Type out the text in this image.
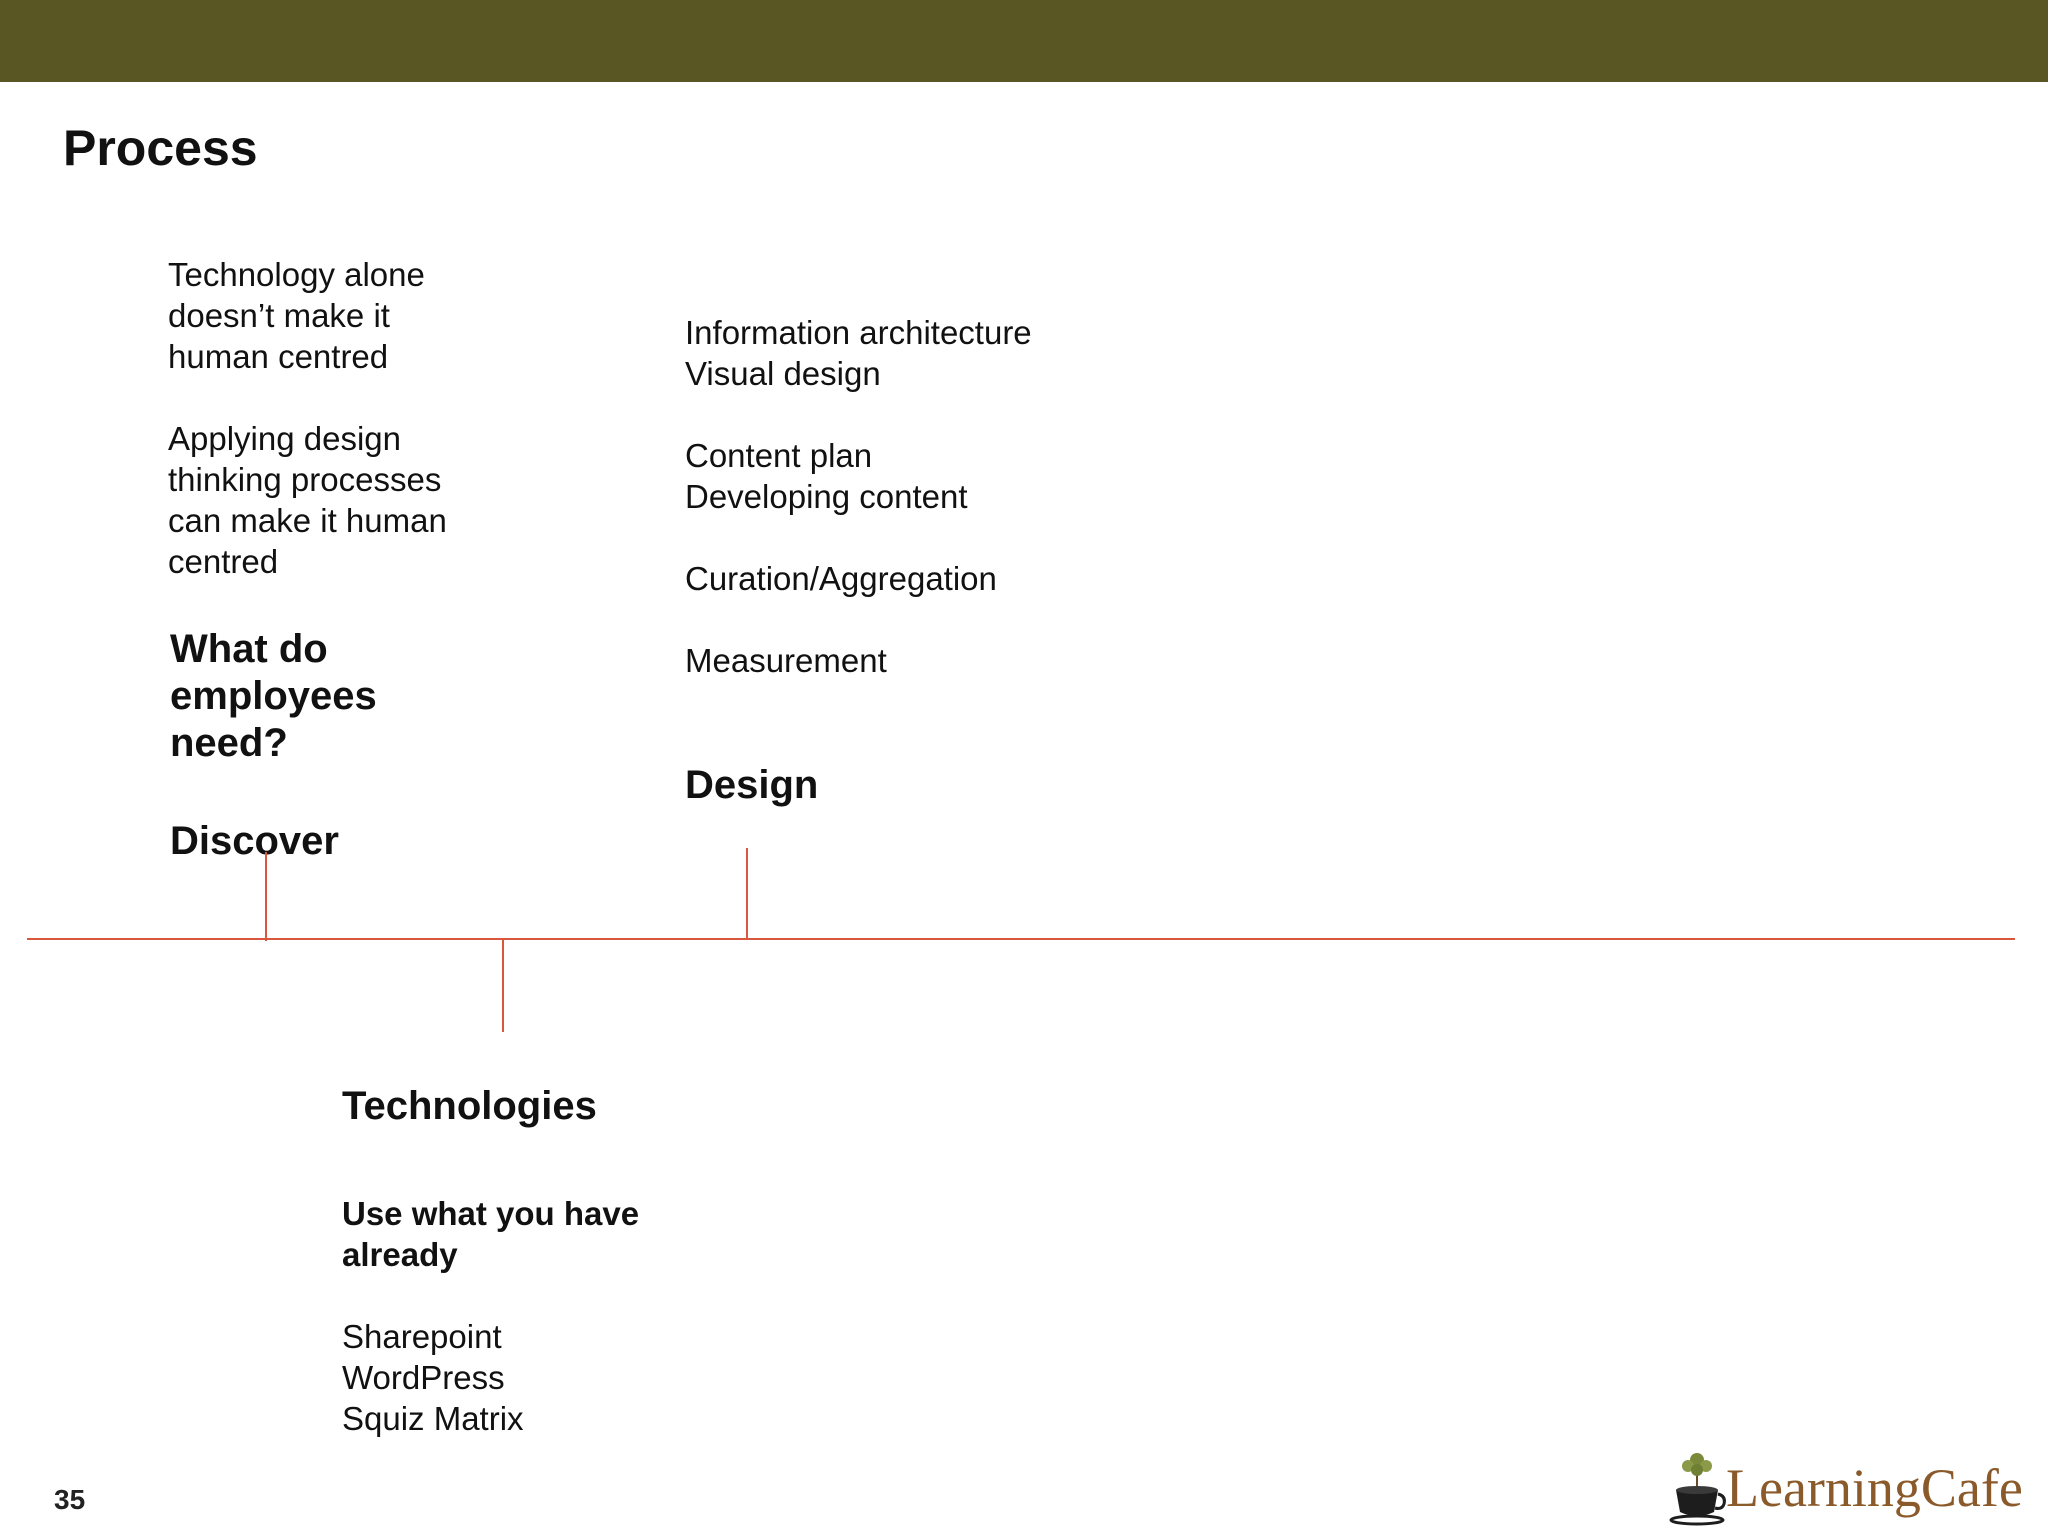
Process

Technology alone

doesn’t make it

human centred

Applying design

thinking processes

can make it human

centred

What do
employees
need?
Discover

Information architecture

Visual design

Content plan

Developing content

Curation/Aggregation

Measurement

Design
Technologies
Use what you have
already

Sharepoint

WordPress

Squiz Matrix

35	LearningCafe
